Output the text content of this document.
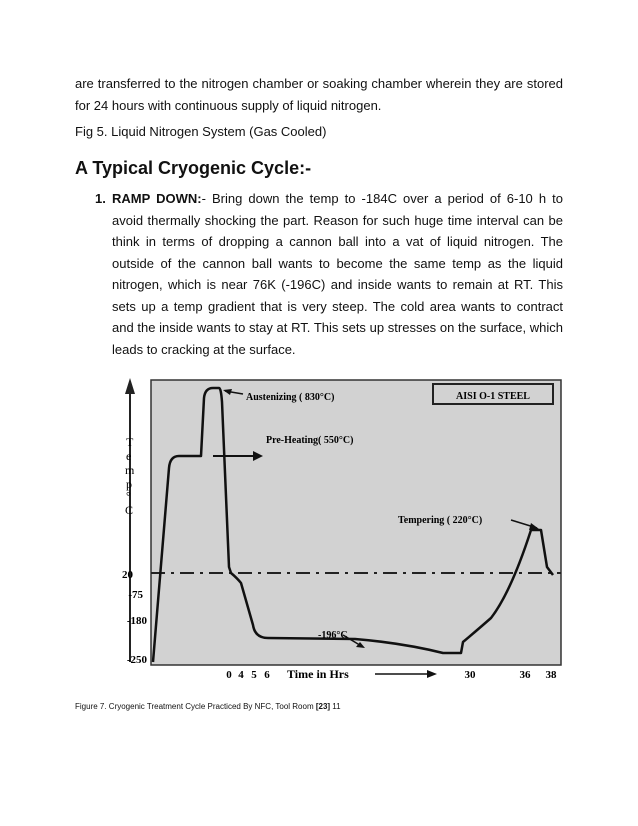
are transferred to the nitrogen chamber or soaking chamber wherein they are stored for 24 hours with continuous supply of liquid nitrogen.
Fig 5. Liquid Nitrogen System (Gas Cooled)
A Typical Cryogenic Cycle:-
1. RAMP DOWN:- Bring down the temp to -184C over a period of 6-10 h to avoid thermally shocking the part. Reason for such huge time interval can be think in terms of dropping a cannon ball into a vat of liquid nitrogen. The outside of the cannon ball wants to become the same temp as the liquid nitrogen, which is near 76K (-196C) and inside wants to remain at RT. This sets up a temp gradient that is very steep. The cold area wants to contract and the inside wants to stay at RT. This sets up stresses on the surface, which leads to cracking at the surface.
T
e
m
p
°
C
20
-75
-180
-250
AISI O-1 STEEL
Austenizing ( 830°C)
Pre-Heating( 550°C)
Tempering ( 220°C)
-196°C
0 4 5 6 Time in Hrs	30	36 38
Figure 7. Cryogenic Treatment Cycle Practiced By NFC, Tool Room [23] 11
